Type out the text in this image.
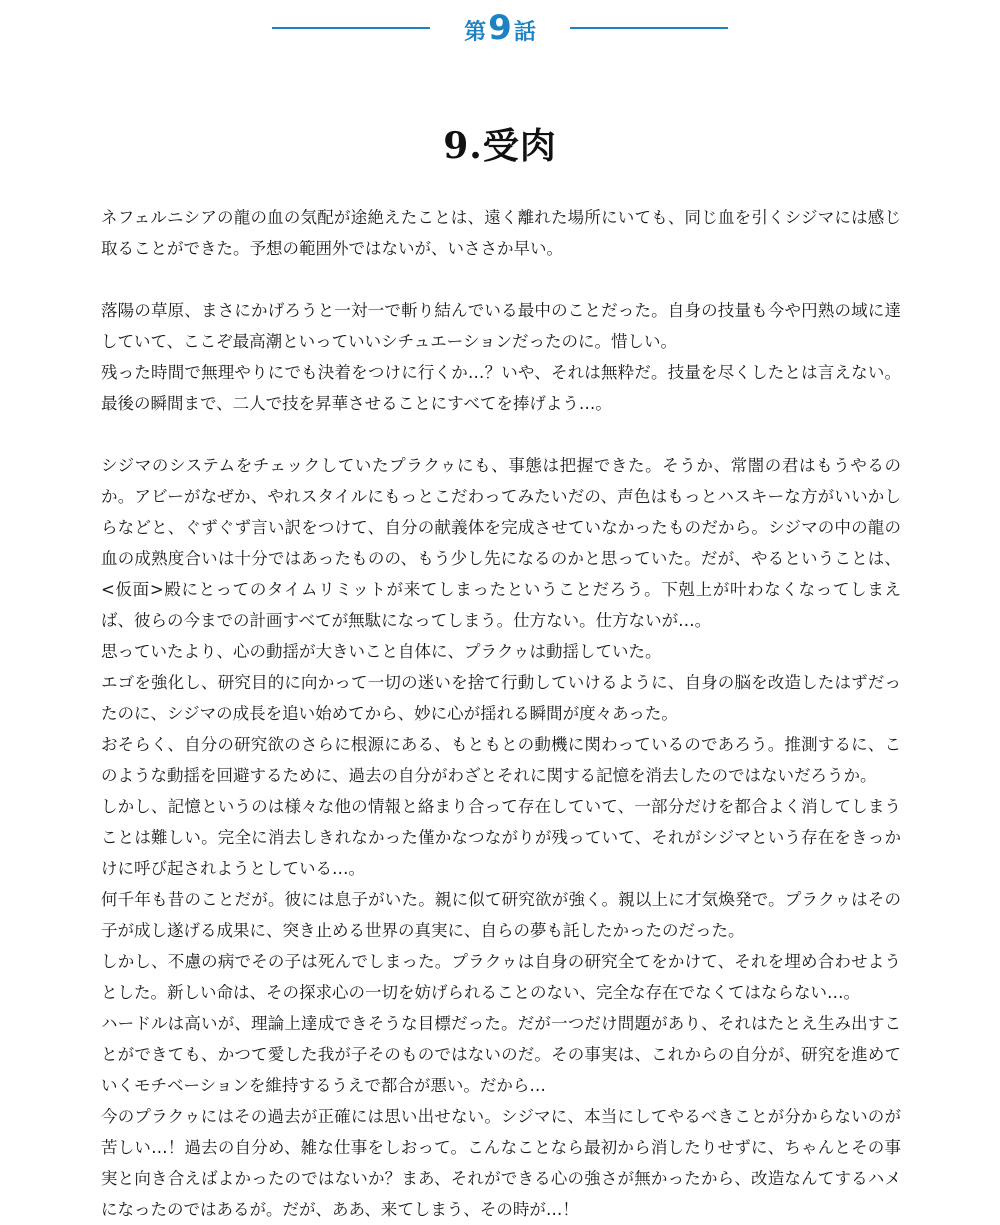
第 9 話
9.受肉

ネフェルニシアの龍の血の気配が途絶えたことは、遠く離れた場所にいても、同じ血を引くシジマには感じ取ることができた。予想の範囲外ではないが、いささか早い。

落陽の草原、まさにかげろうと一対一で斬り結んでいる最中のことだった。自身の技量も今や円熟の域に達していて、ここぞ最高潮といっていいシチュエーションだったのに。惜しい。

残った時間で無理やりにでも決着をつけに行くか…？いや、それは無粋だ。技量を尽くしたとは言えない。最後の瞬間まで、二人で技を昇華させることにすべてを捧げよう…。

シジマのシステムをチェックしていたプラクゥにも、事態は把握できた。そうか、常闇の君はもうやるのか。アビーがなぜか、やれスタイルにもっとこだわってみたいだの、声色はもっとハスキーな方がいいかしらなどと、ぐずぐず言い訳をつけて、自分の献義体を完成させていなかったものだから。シジマの中の龍の血の成熟度合いは十分ではあったものの、もう少し先になるのかと思っていた。だが、やるということは、<仮面>殿にとってのタイムリミットが来てしまったということだろう。下剋上が叶わなくなってしまえば、彼らの今までの計画すべてが無駄になってしまう。仕方ない。仕方ないが…。

思っていたより、心の動揺が大きいこと自体に、プラクゥは動揺していた。

エゴを強化し、研究目的に向かって一切の迷いを捨て行動していけるように、自身の脳を改造したはずだったのに、シジマの成長を追い始めてから、妙に心が揺れる瞬間が度々あった。

おそらく、自分の研究欲のさらに根源にある、もともとの動機に関わっているのであろう。推測するに、このような動揺を回避するために、過去の自分がわざとそれに関する記憶を消去したのではないだろうか。

しかし、記憶というのは様々な他の情報と絡まり合って存在していて、一部分だけを都合よく消してしまうことは難しい。完全に消去しきれなかった僅かなつながりが残っていて、それがシジマという存在をきっかけに呼び起されようとしている…。

何千年も昔のことだが。彼には息子がいた。親に似て研究欲が強く。親以上に才気煥発で。プラクゥはその子が成し遂げる成果に、突き止める世界の真実に、自らの夢も託したかったのだった。

しかし、不慮の病でその子は死んでしまった。プラクゥは自身の研究全てをかけて、それを埋め合わせようとした。新しい命は、その探求心の一切を妨げられることのない、完全な存在でなくてはならない…。

ハードルは高いが、理論上達成できそうな目標だった。だが一つだけ問題があり、それはたとえ生み出すことができても、かつて愛した我が子そのものではないのだ。その事実は、これからの自分が、研究を進めていくモチベーションを維持するうえで都合が悪い。だから…

今のプラクゥにはその過去が正確には思い出せない。シジマに、本当にしてやるべきことが分からないのが苦しい…！過去の自分め、雑な仕事をしおって。こんなことなら最初から消したりせずに、ちゃんとその事実と向き合えばよかったのではないか？まあ、それができる心の強さが無かったから、改造なんてするハメになったのではあるが。だが、ああ、来てしまう、その時が…！
